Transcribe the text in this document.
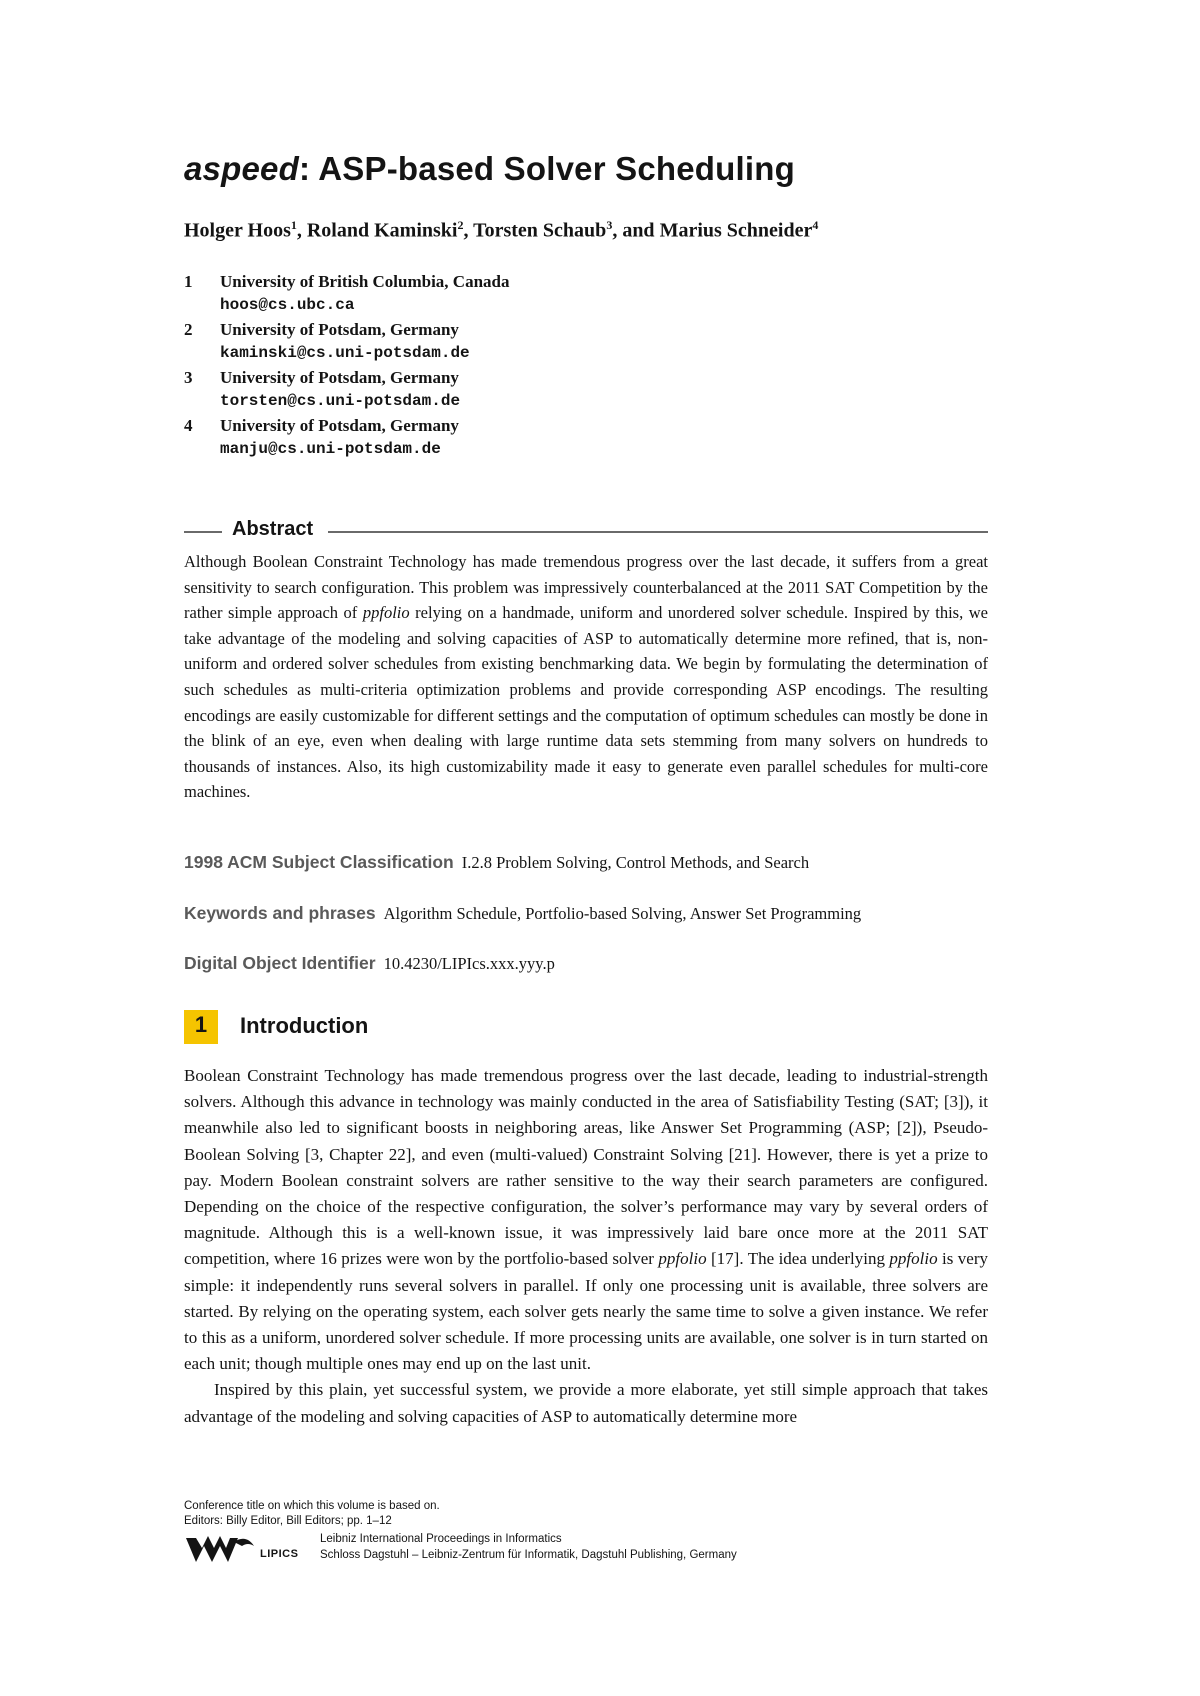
aspeed: ASP-based Solver Scheduling
Holger Hoos$^1$, Roland Kaminski$^2$, Torsten Schaub$^3$, and Marius Schneider$^4$
1	University of British Columbia, Canada
hoos@cs.ubc.ca
2	University of Potsdam, Germany
kaminski@cs.uni-potsdam.de
3	University of Potsdam, Germany
torsten@cs.uni-potsdam.de
4	University of Potsdam, Germany
manju@cs.uni-potsdam.de
Abstract
Although Boolean Constraint Technology has made tremendous progress over the last decade, it suffers from a great sensitivity to search configuration. This problem was impressively counterbalanced at the 2011 SAT Competition by the rather simple approach of ppfolio relying on a handmade, uniform and unordered solver schedule. Inspired by this, we take advantage of the modeling and solving capacities of ASP to automatically determine more refined, that is, non-uniform and ordered solver schedules from existing benchmarking data. We begin by formulating the determination of such schedules as multi-criteria optimization problems and provide corresponding ASP encodings. The resulting encodings are easily customizable for different settings and the computation of optimum schedules can mostly be done in the blink of an eye, even when dealing with large runtime data sets stemming from many solvers on hundreds to thousands of instances. Also, its high customizability made it easy to generate even parallel schedules for multi-core machines.
1998 ACM Subject Classification I.2.8 Problem Solving, Control Methods, and Search
Keywords and phrases Algorithm Schedule, Portfolio-based Solving, Answer Set Programming
Digital Object Identifier 10.4230/LIPIcs.xxx.yyy.p
1	Introduction

Boolean Constraint Technology has made tremendous progress over the last decade, leading to industrial-strength solvers. Although this advance in technology was mainly conducted in the area of Satisfiability Testing (SAT; [3]), it meanwhile also led to significant boosts in neighboring areas, like Answer Set Programming (ASP; [2]), Pseudo-Boolean Solving [3, Chapter 22], and even (multi-valued) Constraint Solving [21]. However, there is yet a prize to pay. Modern Boolean constraint solvers are rather sensitive to the way their search parameters are configured. Depending on the choice of the respective configuration, the solver’s performance may vary by several orders of magnitude. Although this is a well-known issue, it was impressively laid bare once more at the 2011 SAT competition, where 16 prizes were won by the portfolio-based solver ppfolio [17]. The idea underlying ppfolio is very simple: it independently runs several solvers in parallel. If only one processing unit is available, three solvers are started. By relying on the operating system, each solver gets nearly the same time to solve a given instance. We refer to this as a uniform, unordered solver schedule. If more processing units are available, one solver is in turn started on each unit; though multiple ones may end up on the last unit.

Inspired by this plain, yet successful system, we provide a more elaborate, yet still simple approach that takes advantage of the modeling and solving capacities of ASP to automatically determine more

Conference title on which this volume is based on.
Editors: Billy Editor, Bill Editors; pp. 1–12
LIPICS
Leibniz International Proceedings in Informatics
Schloss Dagstuhl – Leibniz-Zentrum für Informatik, Dagstuhl Publishing, Germany
